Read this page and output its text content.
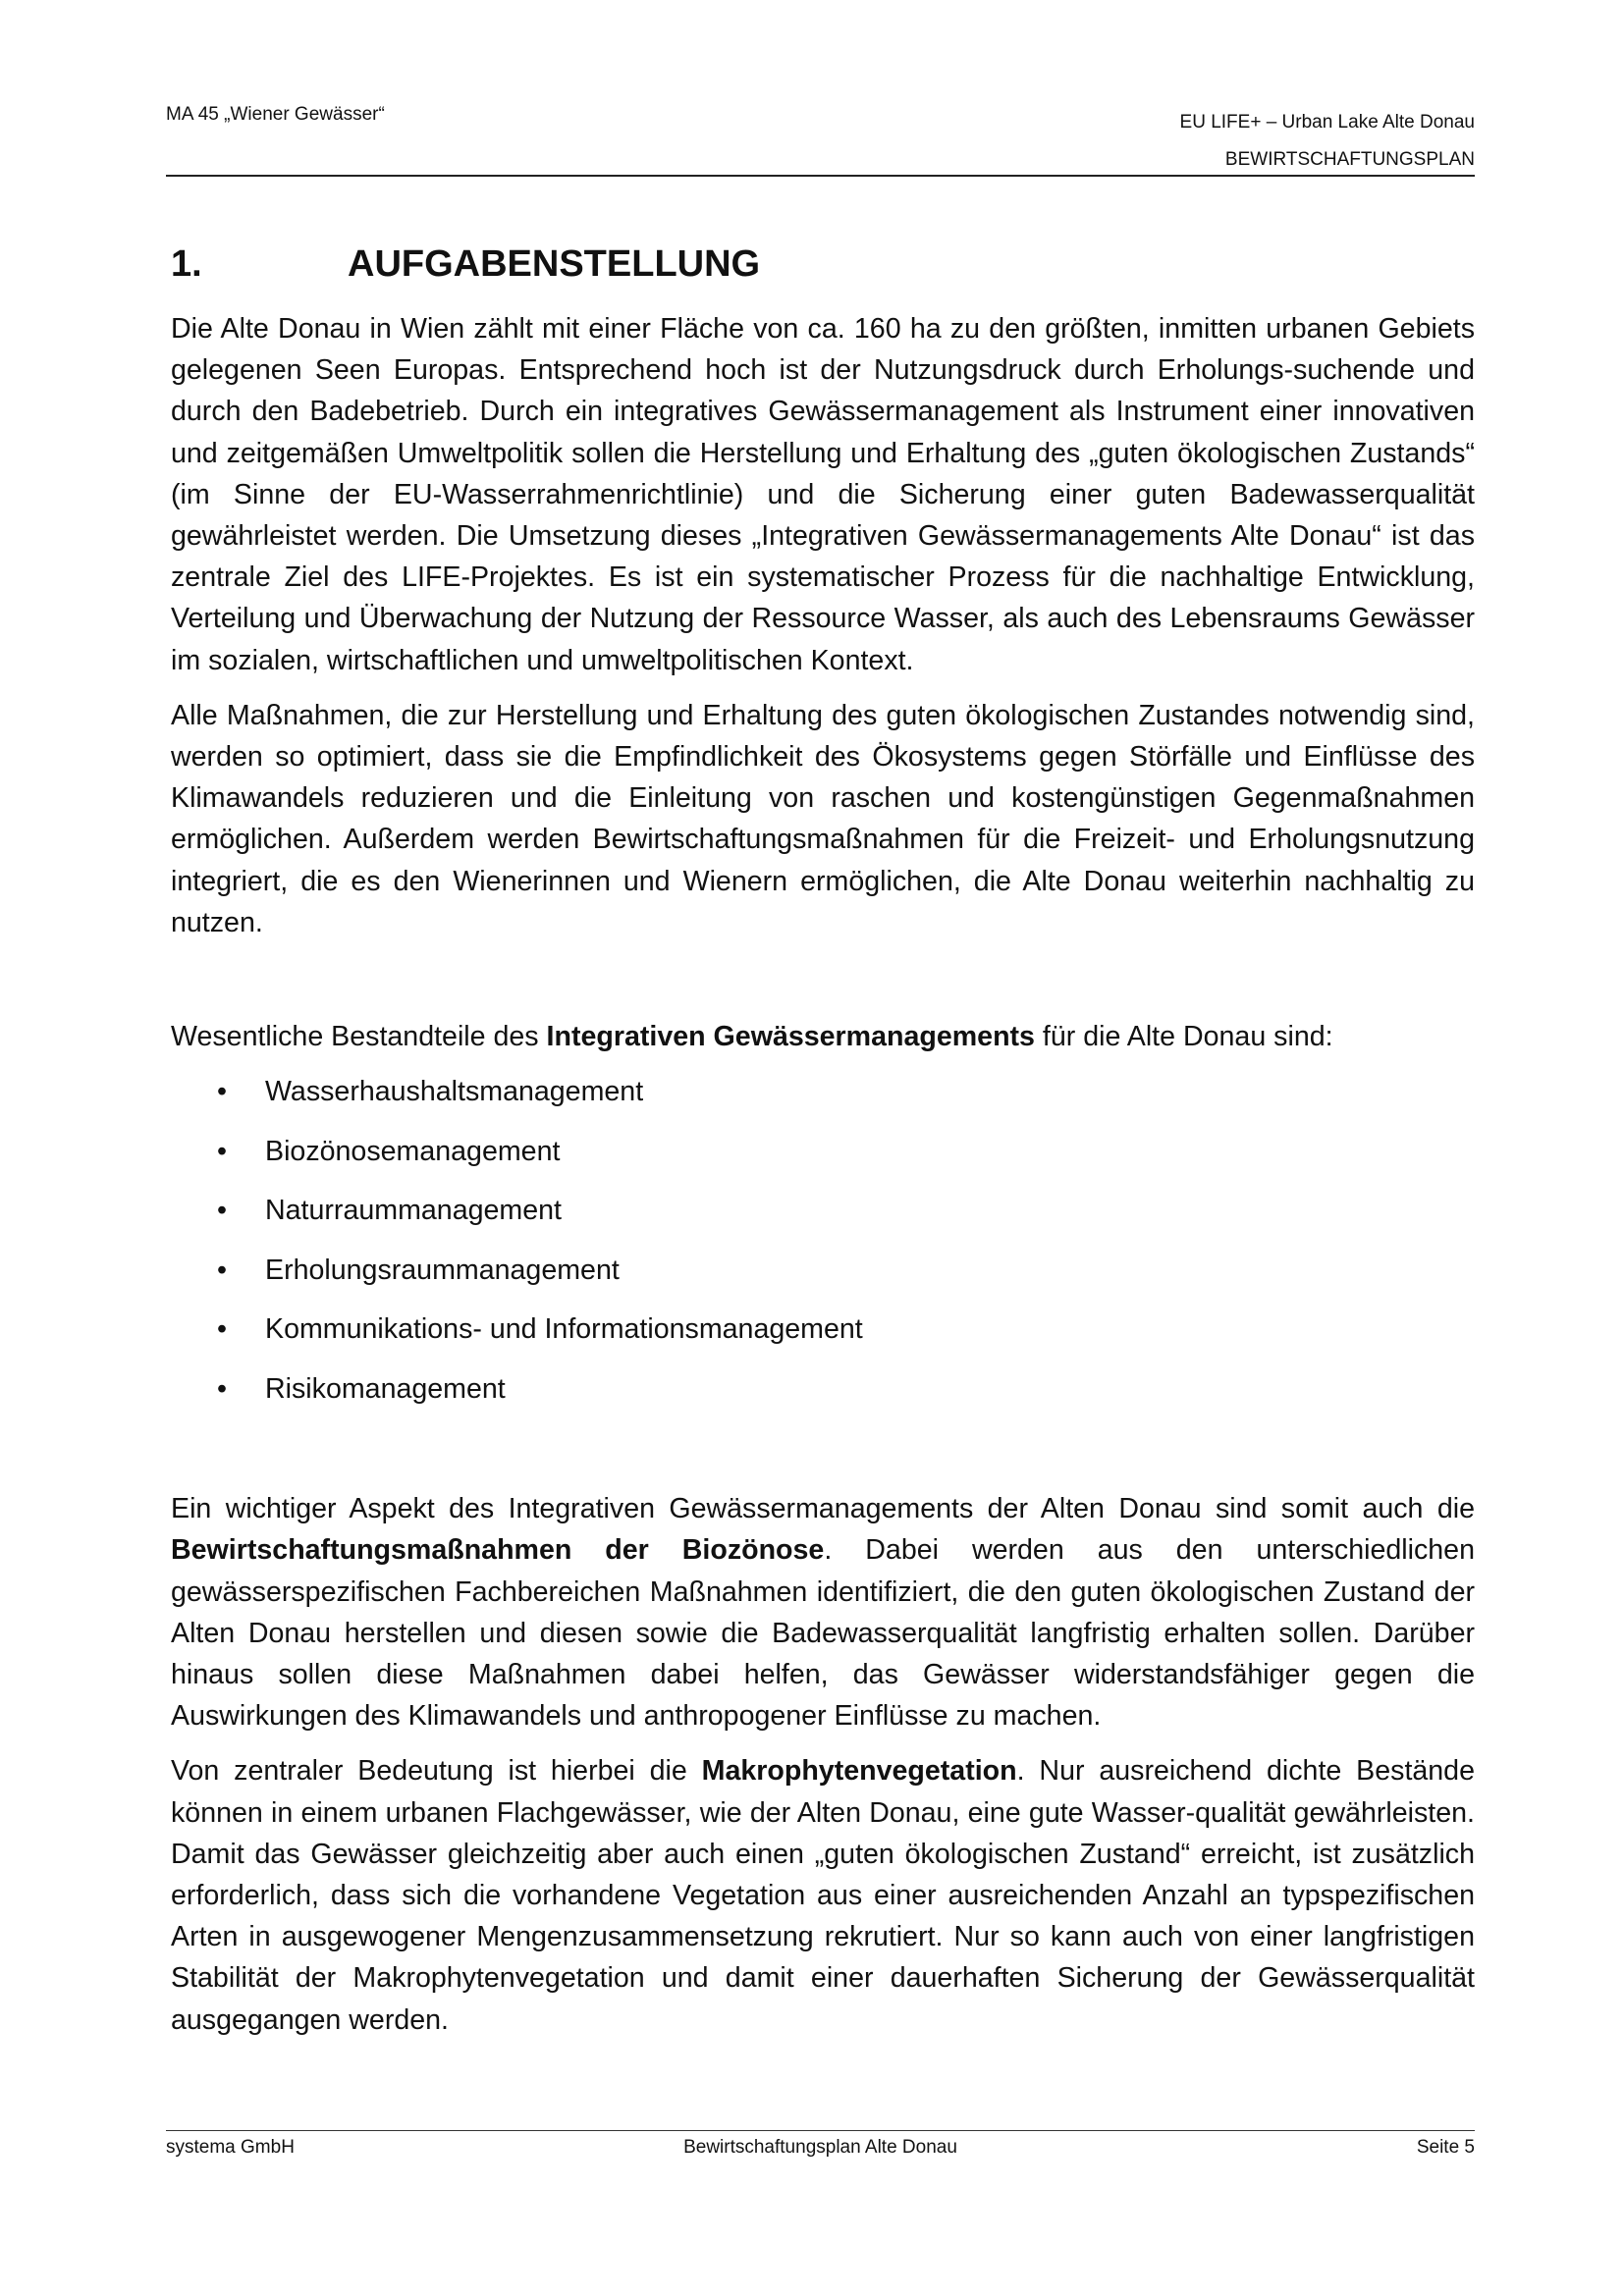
MA 45 „Wiener Gewässer“	EU LIFE+ – Urban Lake Alte Donau
BEWIRTSCHAFTUNGSPLAN
1.	AUFGABENSTELLUNG

Die Alte Donau in Wien zählt mit einer Fläche von ca. 160 ha zu den größten, inmitten urbanen Gebiets gelegenen Seen Europas. Entsprechend hoch ist der Nutzungsdruck durch Erholungs-suchende und durch den Badebetrieb. Durch ein integratives Gewässermanagement als Instrument einer innovativen und zeitgemäßen Umweltpolitik sollen die Herstellung und Erhaltung des „guten ökologischen Zustands“ (im Sinne der EU-Wasserrahmenrichtlinie) und die Sicherung einer guten Badewasserqualität gewährleistet werden. Die Umsetzung dieses „Integrativen Gewässermanagements Alte Donau“ ist das zentrale Ziel des LIFE-Projektes. Es ist ein systematischer Prozess für die nachhaltige Entwicklung, Verteilung und Überwachung der Nutzung der Ressource Wasser, als auch des Lebensraums Gewässer im sozialen, wirtschaftlichen und umweltpolitischen Kontext.

Alle Maßnahmen, die zur Herstellung und Erhaltung des guten ökologischen Zustandes notwendig sind, werden so optimiert, dass sie die Empfindlichkeit des Ökosystems gegen Störfälle und Einflüsse des Klimawandels reduzieren und die Einleitung von raschen und kostengünstigen Gegenmaßnahmen ermöglichen. Außerdem werden Bewirtschaftungsmaßnahmen für die Freizeit- und Erholungsnutzung integriert, die es den Wienerinnen und Wienern ermöglichen, die Alte Donau weiterhin nachhaltig zu nutzen.

Wesentliche Bestandteile des Integrativen Gewässermanagements für die Alte Donau sind:

• Wasserhaushaltsmanagement
• Biozönosemanagement
• Naturraummanagement
• Erholungsraummanagement
• Kommunikations- und Informationsmanagement
• Risikomanagement

Ein wichtiger Aspekt des Integrativen Gewässermanagements der Alten Donau sind somit auch die Bewirtschaftungsmaßnahmen der Biozönose. Dabei werden aus den unterschiedlichen gewässerspezifischen Fachbereichen Maßnahmen identifiziert, die den guten ökologischen Zustand der Alten Donau herstellen und diesen sowie die Badewasserqualität langfristig erhalten sollen. Darüber hinaus sollen diese Maßnahmen dabei helfen, das Gewässer widerstandsfähiger gegen die Auswirkungen des Klimawandels und anthropogener Einflüsse zu machen.

Von zentraler Bedeutung ist hierbei die Makrophytenvegetation. Nur ausreichend dichte Bestände können in einem urbanen Flachgewässer, wie der Alten Donau, eine gute Wasser-qualität gewährleisten. Damit das Gewässer gleichzeitig aber auch einen „guten ökologischen Zustand“ erreicht, ist zusätzlich erforderlich, dass sich die vorhandene Vegetation aus einer ausreichenden Anzahl an typspezifischen Arten in ausgewogener Mengenzusammensetzung rekrutiert. Nur so kann auch von einer langfristigen Stabilität der Makrophytenvegetation und damit einer dauerhaften Sicherung der Gewässerqualität ausgegangen werden.

systema GmbH	Bewirtschaftungsplan Alte Donau	Seite 5
